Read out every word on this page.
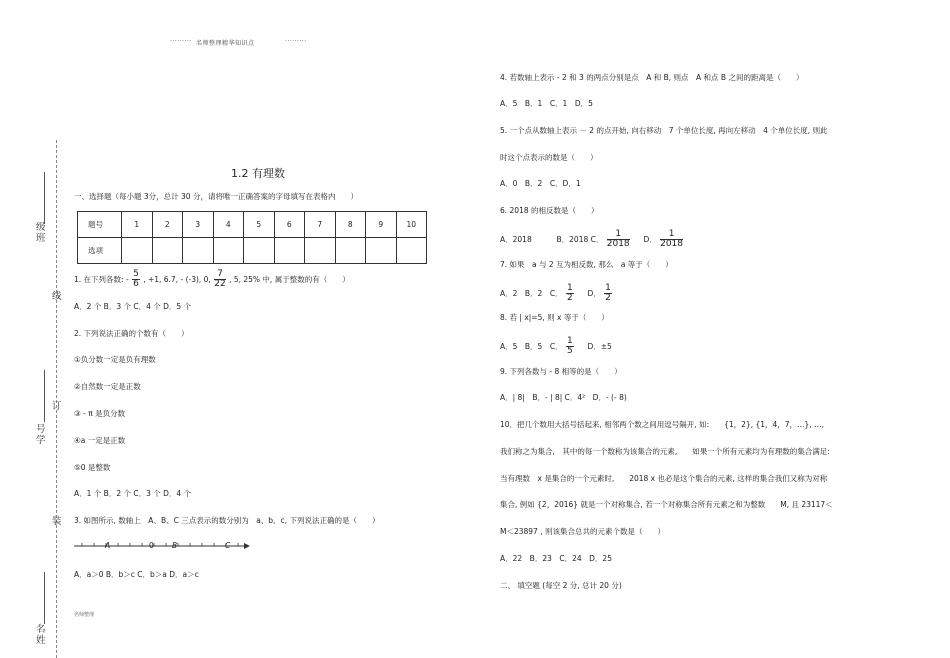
········· 名师整理精华知识点	·········
级班
线
订
号学
装
名姓
1.2 有理数
一、选择题（每小题 3分，总计 30 分，请将唯一正确答案的字母填写在表格内　　）
题号	1	2	3	4	5	6	7	8	9	10
选项										
1. 在下列各数: - $\frac{5}{6}$ , +1, 6.7, - (-3), 0, $\frac{7}{22}$ , 5, 25% 中, 属于整数的有（　　）
A．2 个 B．3 个 C．4 个 D．5 个
2. 下列说法正确的个数有（　　）
①负分数一定是负有理数
②自然数一定是正数
③ - π 是负分数
④a 一定是正数
⑤0 是整数
A．1 个 B．2 个 C．3 个 D．4 个
3. 如图所示, 数轴上　A、B、C 三点表示的数分别为　a、b、c, 下列说法正确的是（　　）
A	0 B	C
A．a＞0 B．b＞c C．b＞a D．a＞c
名师整理
4. 若数轴上表示 - 2 和 3 的两点分别是点　A 和 B, 则点　A 和点 B 之间的距离是（　　）
A．5　B．1　C．1　D．5
5. 一个点从数轴上表示 － 2 的点开始, 向右移动　7 个单位长度, 再向左移动　4 个单位长度, 则此
时这个点表示的数是（　　）
A．0　B．2　C．D．1
6. 2018 的相反数是（　　）
A．2018	B．2018 C． $\frac{1}{2018}$ D． $\frac{1}{2018}$
7. 如果　a 与 2 互为相反数, 那么　a 等于（　　）
A．2　B．2　C． $\frac{1}{2}$ D． $\frac{1}{2}$
8. 若 | x|=5, 则 x 等于（　　）
A．5　B．5　C． $\frac{1}{5}$ D．±5
9. 下列各数与 - 8 相等的是（　　）
A．| 8|　B．- | 8| C．4²　D．- (- 8)
10．把几个数用大括号括起来, 相邻两个数之间用逗号隔开, 如:　　{1，2}, {1，4，7，…}, …,
我们称之为集合,　其中的每一个数称为该集合的元素,　　如果一个所有元素均为有理数的集合满足:
当有理数　x 是集合的一个元素时,　　2018 x 也必是这个集合的元素, 这样的集合我们又称为对称
集合, 例如 {2，2016} 就是一个对称集合, 若一个对称集合所有元素之和为整数　　M, 且 23117＜
M＜23897 , 则该集合总共的元素个数是（　　）
A．22　B．23　C．24　D．25
二、 填空题 (每空 2 分, 总计 20 分)
